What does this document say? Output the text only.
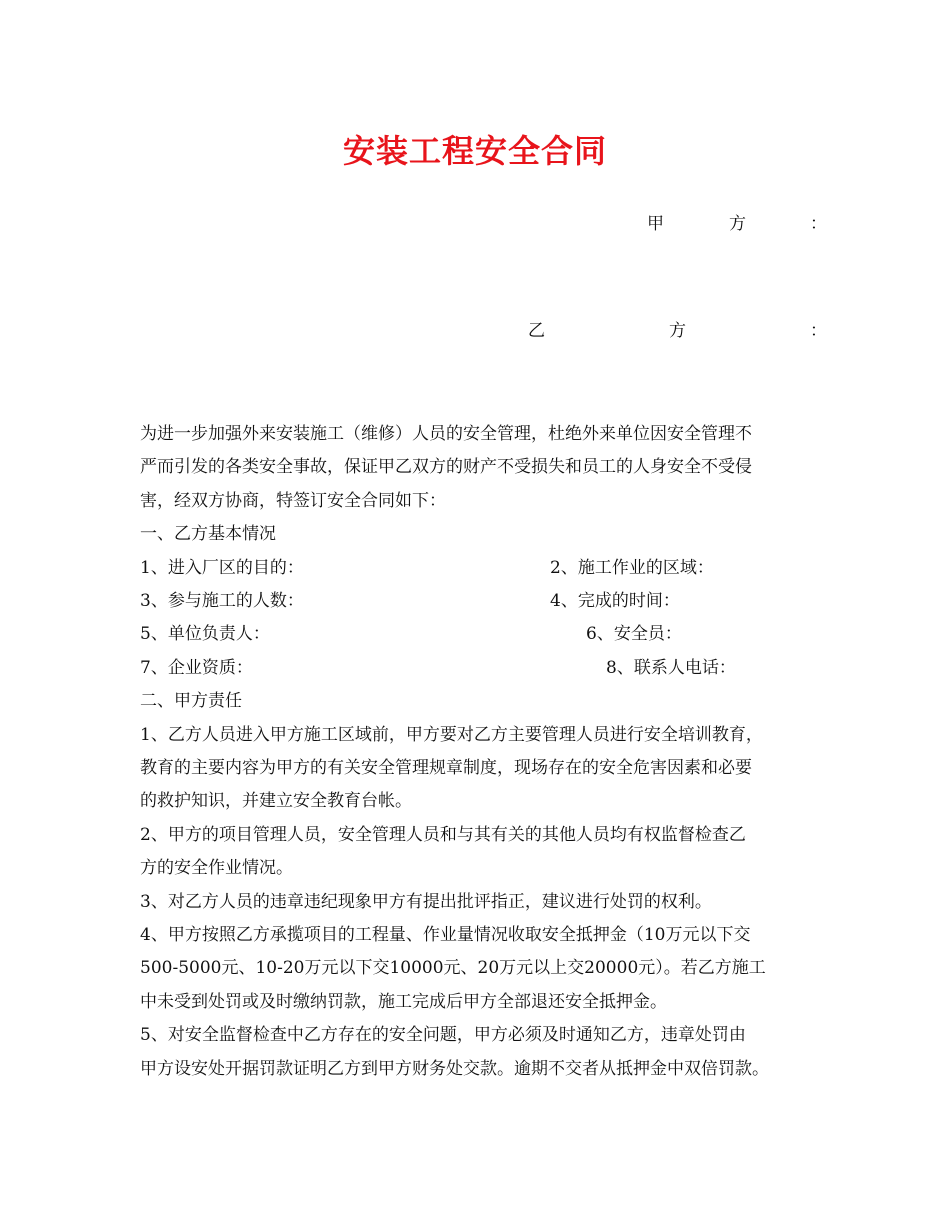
安装工程安全合同
甲	方	：
乙	方	：
为进一步加强外来安装施工（维修）人员的安全管理，杜绝外来单位因安全管理不
严而引发的各类安全事故，保证甲乙双方的财产不受损失和员工的人身安全不受侵
害，经双方协商，特签订安全合同如下：
一、乙方基本情况
1、进入厂区的目的：	2、施工作业的区域：
3、参与施工的人数：	4、完成的时间：
5、单位负责人：	6、安全员：
7、企业资质：	8、联系人电话：
二、甲方责任
1、乙方人员进入甲方施工区域前，甲方要对乙方主要管理人员进行安全培训教育，
教育的主要内容为甲方的有关安全管理规章制度，现场存在的安全危害因素和必要
的救护知识，并建立安全教育台帐。
2、甲方的项目管理人员，安全管理人员和与其有关的其他人员均有权监督检查乙
方的安全作业情况。
3、对乙方人员的违章违纪现象甲方有提出批评指正，建议进行处罚的权利。
4、甲方按照乙方承揽项目的工程量、作业量情况收取安全抵押金（10万元以下交
500-5000元、10-20万元以下交10000元、20万元以上交20000元）。若乙方施工
中未受到处罚或及时缴纳罚款，施工完成后甲方全部退还安全抵押金。
5、对安全监督检查中乙方存在的安全问题，甲方必须及时通知乙方，违章处罚由
甲方设安处开据罚款证明乙方到甲方财务处交款。逾期不交者从抵押金中双倍罚款。
